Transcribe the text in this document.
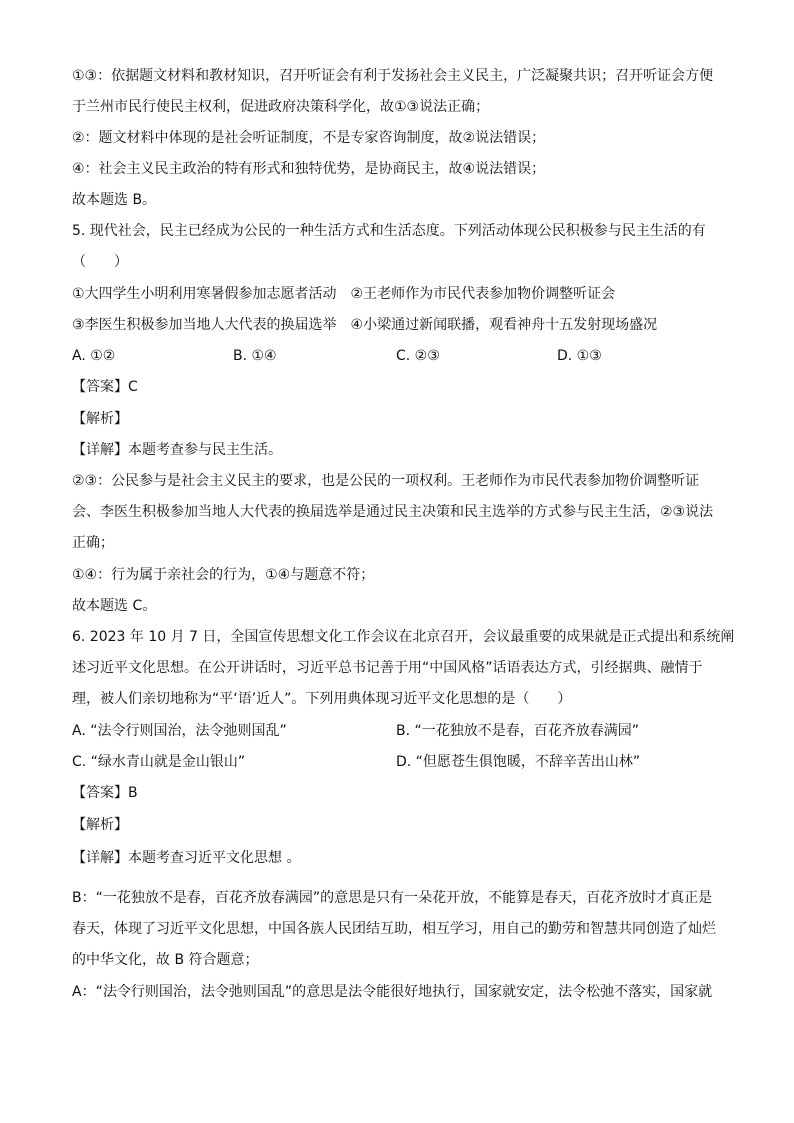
①③：依据题文材料和教材知识，召开听证会有利于发扬社会主义民主，广泛凝聚共识；召开听证会方便
于兰州市民行使民主权利，促进政府决策科学化，故①③说法正确；
②：题文材料中体现的是社会听证制度，不是专家咨询制度，故②说法错误；
④：社会主义民主政治的特有形式和独特优势，是协商民主，故④说法错误；
故本题选 B。
5. 现代社会，民主已经成为公民的一种生活方式和生活态度。下列活动体现公民积极参与民主生活的有
（　　）
①大四学生小明利用寒暑假参加志愿者活动　②王老师作为市民代表参加物价调整听证会
③李医生积极参加当地人大代表的换届选举　④小梁通过新闻联播，观看神舟十五发射现场盛况
A. ①②	B. ①④	C. ②③	D. ①③
【答案】C
【解析】
【详解】本题考查参与民主生活。
②③：公民参与是社会主义民主的要求，也是公民的一项权利。王老师作为市民代表参加物价调整听证
会、李医生积极参加当地人大代表的换届选举是通过民主决策和民主选举的方式参与民主生活，②③说法
正确；
①④：行为属于亲社会的行为，①④与题意不符；
故本题选 C。
6. 2023 年 10 月 7 日，全国宣传思想文化工作会议在北京召开，会议最重要的成果就是正式提出和系统阐
述习近平文化思想。在公开讲话时，习近平总书记善于用“中国风格”话语表达方式，引经据典、融情于
理，被人们亲切地称为“平‘语’近人”。下列用典体现习近平文化思想的是（　　）
A. “法令行则国治，法令弛则国乱”	B. “一花独放不是春，百花齐放春满园”
C. “绿水青山就是金山银山”	D. “但愿苍生俱饱暖，不辞辛苦出山林”
【答案】B
【解析】
【详解】本题考查习近平文化思想 。
B：“一花独放不是春，百花齐放春满园”的意思是只有一朵花开放，不能算是春天，百花齐放时才真正是
春天，体现了习近平文化思想，中国各族人民团结互助，相互学习，用自己的勤劳和智慧共同创造了灿烂
的中华文化，故 B 符合题意；
A：“法令行则国治，法令弛则国乱”的意思是法令能很好地执行，国家就安定，法令松弛不落实，国家就
